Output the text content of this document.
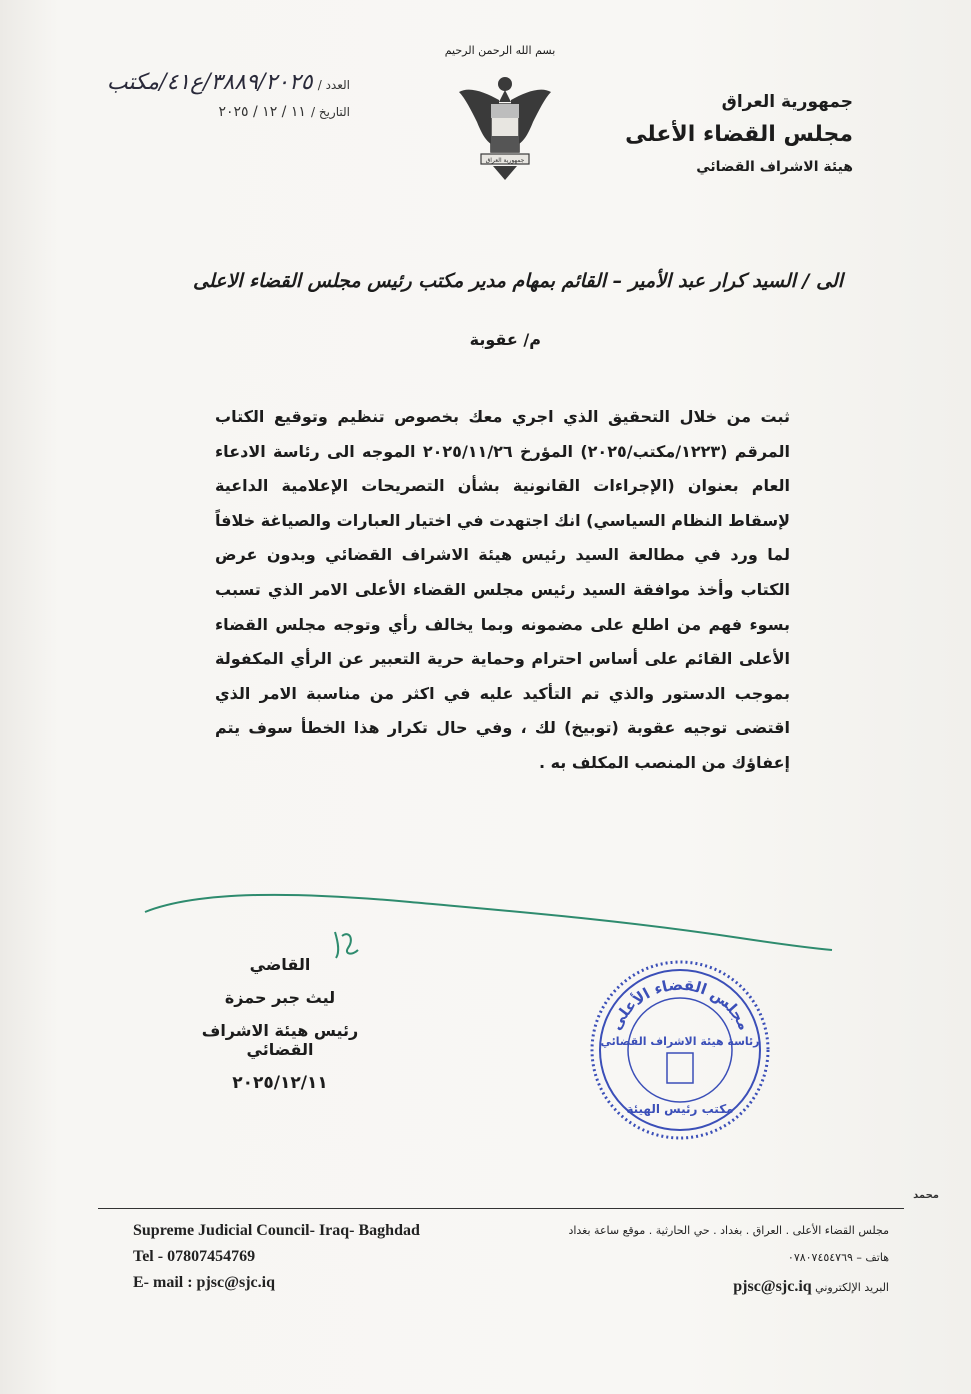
بسم الله الرحمن الرحيم
جمهورية العراق
جمهورية العراق
مجلس القضاء الأعلى
هيئة الاشراف القضائي
العدد / ٣٨٨٩/٢٠٢٥/ع٤١/مكتب
التاريخ / ١١ / ١٢ / ٢٠٢٥
الى / السيد كرار عبد الأمير – القائم بمهام مدير مكتب رئيس مجلس القضاء الاعلى
م/ عقوبة
ثبت من خلال التحقيق الذي اجري معك بخصوص تنظيم وتوقيع الكتاب المرقم (١٢٢٣/مكتب/٢٠٢٥) المؤرخ ٢٠٢٥/١١/٢٦ الموجه الى رئاسة الادعاء العام بعنوان (الإجراءات القانونية بشأن التصريحات الإعلامية الداعية لإسقاط النظام السياسي) انك اجتهدت في اختيار العبارات والصياغة خلافاً لما ورد في مطالعة السيد رئيس هيئة الاشراف القضائي وبدون عرض الكتاب وأخذ موافقة السيد رئيس مجلس القضاء الأعلى الامر الذي تسبب بسوء فهم من اطلع على مضمونه وبما يخالف رأي وتوجه مجلس القضاء الأعلى القائم على أساس احترام وحماية حرية التعبير عن الرأي المكفولة بموجب الدستور والذي تم التأكيد عليه في اكثر من مناسبة الامر الذي اقتضى توجيه عقوبة (توبيخ) لك ، وفي حال تكرار هذا الخطأ سوف يتم إعفاؤك من المنصب المكلف به .
القاضي
ليث جبر حمزة
رئيس هيئة الاشراف القضائي
٢٠٢٥/١٢/١١
مجلس القضاء الأعلى
رئاسة هيئة الاشراف القضائي
مكتب رئيس الهيئة
محمد
Supreme Judicial Council- Iraq- Baghdad
Tel - 07807454769
E- mail : pjsc@sjc.iq
مجلس القضاء الأعلى . العراق . بغداد . حي الحارثية . موقع ساعة بغداد
هاتف – ٠٧٨٠٧٤٥٤٧٦٩
البريد الإلكتروني pjsc@sjc.iq
